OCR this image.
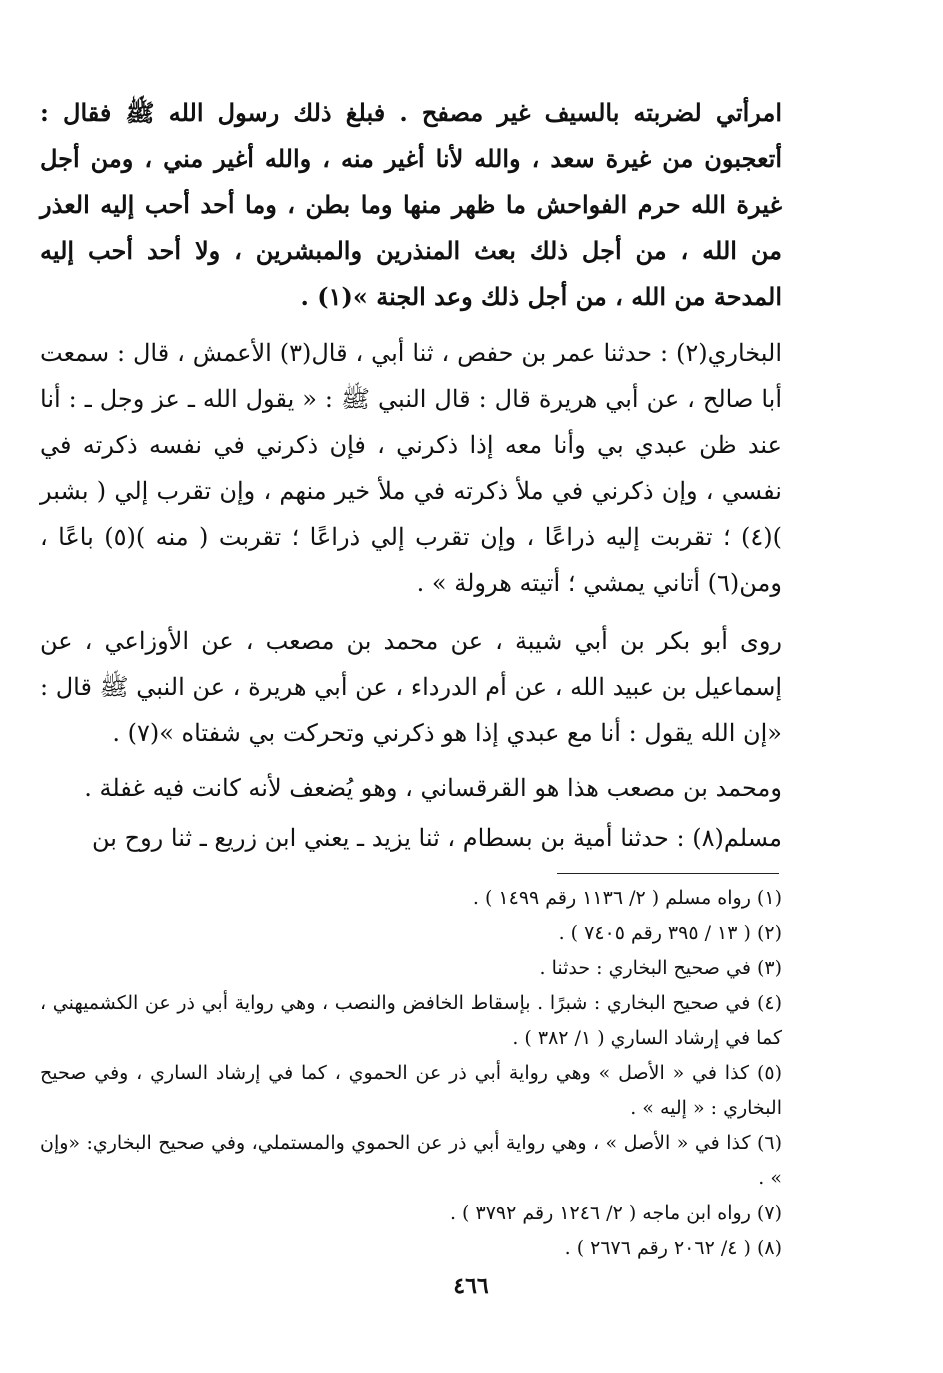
امرأتي لضربته بالسيف غير مصفح . فبلغ ذلك رسول الله ﷺ فقال : أتعجبون من غيرة سعد ، والله لأنا أغير منه ، والله أغير مني ، ومن أجل غيرة الله حرم الفواحش ما ظهر منها وما بطن ، وما أحد أحب إليه العذر من الله ، من أجل ذلك بعث المنذرين والمبشرين ، ولا أحد أحب إليه المدحة من الله ، من أجل ذلك وعد الجنة »(١) .

البخاري(٢) : حدثنا عمر بن حفص ، ثنا أبي ، قال(٣) الأعمش ، قال : سمعت أبا صالح ، عن أبي هريرة قال : قال النبي ﷺ : « يقول الله ـ عز وجل ـ : أنا عند ظن عبدي بي وأنا معه إذا ذكرني ، فإن ذكرني في نفسه ذكرته في نفسي ، وإن ذكرني في ملأ ذكرته في ملأ خير منهم ، وإن تقرب إلي ( بشبر )(٤) ؛ تقربت إليه ذراعًا ، وإن تقرب إلي ذراعًا ؛ تقربت ( منه )(٥) باعًا ، ومن(٦) أتاني يمشي ؛ أتيته هرولة » .

روى أبو بكر بن أبي شيبة ، عن محمد بن مصعب ، عن الأوزاعي ، عن إسماعيل بن عبيد الله ، عن أم الدرداء ، عن أبي هريرة ، عن النبي ﷺ قال : «إن الله يقول : أنا مع عبدي إذا هو ذكرني وتحركت بي شفتاه »(٧) .

ومحمد بن مصعب هذا هو القرقساني ، وهو يُضعف لأنه كانت فيه غفلة .

مسلم(٨) : حدثنا أمية بن بسطام ، ثنا يزيد ـ يعني ابن زريع ـ ثنا روح بن

(١) رواه مسلم ( ٢/ ١١٣٦ رقم ١٤٩٩ ) .

(٢) ( ١٣ / ٣٩٥ رقم ٧٤٠٥ ) .

(٣) في صحيح البخاري : حدثنا .

(٤) في صحيح البخاري : شبرًا . بإسقاط الخافض والنصب ، وهي رواية أبي ذر عن الكشميهني ، كما في إرشاد الساري ( ١/ ٣٨٢ ) .

(٥) كذا في « الأصل » وهي رواية أبي ذر عن الحموي ، كما في إرشاد الساري ، وفي صحيح البخاري : « إليه » .

(٦) كذا في « الأصل » ، وهي رواية أبي ذر عن الحموي والمستملي، وفي صحيح البخاري: «وإن » .

(٧) رواه ابن ماجه ( ٢/ ١٢٤٦ رقم ٣٧٩٢ ) .

(٨) ( ٤/ ٢٠٦٢ رقم ٢٦٧٦ ) .

٤٦٦
